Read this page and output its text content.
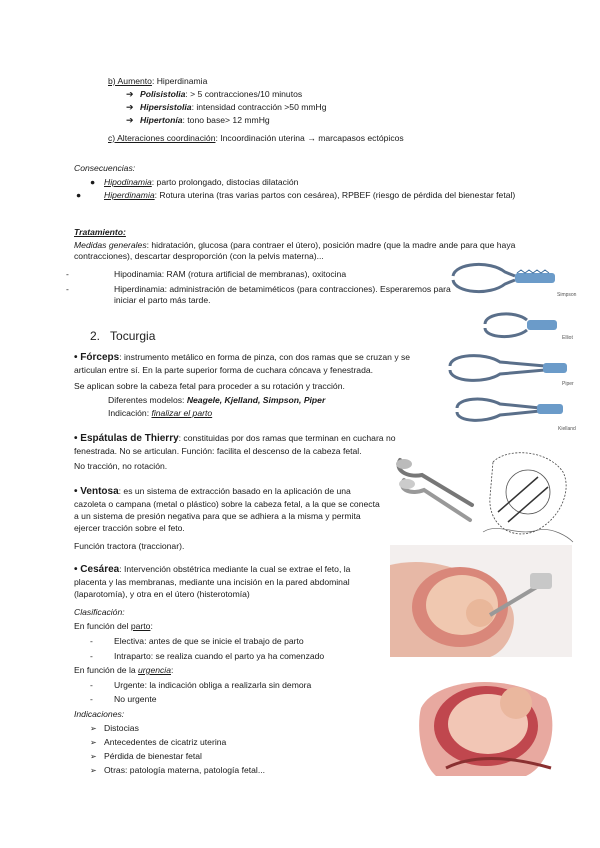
b) Aumento: Hiperdinamia
➔ Polisistolia: > 5 contracciones/10 minutos
➔ Hipersistolia: intensidad contracción >50 mmHg
➔ Hipertonía: tono base> 12 mmHg
c) Alteraciones coordinación: Incoordinación uterina → marcapasos ectópicos
Consecuencias:
● Hipodinamia: parto prolongado, distocias dilatación
●	Hiperdinamia: Rotura uterina (tras varias partos con cesárea), RPBEF (riesgo de pérdida del bienestar fetal)
Tratamiento:
Medidas generales: hidratación, glucosa (para contraer el útero), posición madre (que la madre ande para que haya contracciones), descartar desproporción (con la pelvis materna)...
-	Hipodinamia: RAM (rotura artificial de membranas), oxitocina
-	Hiperdinamia: administración de betamiméticos (para contracciones). Esperaremos para iniciar el parto más tarde.
2. Tocurgia
• Fórceps: instrumento metálico en forma de pinza, con dos ramas que se cruzan y se articulan entre sí. En la parte superior forma de cuchara cóncava y fenestrada.
Se aplican sobre la cabeza fetal para proceder a su rotación y tracción.
Diferentes modelos: Neagele, Kjelland, Simpson, Piper
Indicación: finalizar el parto
• Espátulas de Thierry: constituidas por dos ramas que terminan en cuchara no fenestrada. No se articulan. Función: facilita el descenso de la cabeza fetal.
No tracción, no rotación.
• Ventosa: es un sistema de extracción basado en la aplicación de una cazoleta o campana (metal o plástico) sobre la cabeza fetal, a la que se conecta a un sistema de presión negativa para que se adhiera a la misma y permita ejercer tracción sobre el feto.
Función tractora (traccionar).
• Cesárea: Intervención obstétrica mediante la cual se extrae el feto, la placenta y las membranas, mediante una incisión en la pared abdominal (laparotomía), y otra en el útero (histerotomía)
Clasificación:
En función del parto:
- Electiva: antes de que se inicie el trabajo de parto
- Intraparto: se realiza cuando el parto ya ha comenzado
En función de la urgencia:
- Urgente: la indicación obliga a realizarla sin demora
- No urgente
Indicaciones:
➢ Distocias
➢ Antecedentes de cicatriz uterina
➢ Pérdida de bienestar fetal
➢ Otras: patología materna, patología fetal...
Simpson
Elliot
Piper
Kielland
